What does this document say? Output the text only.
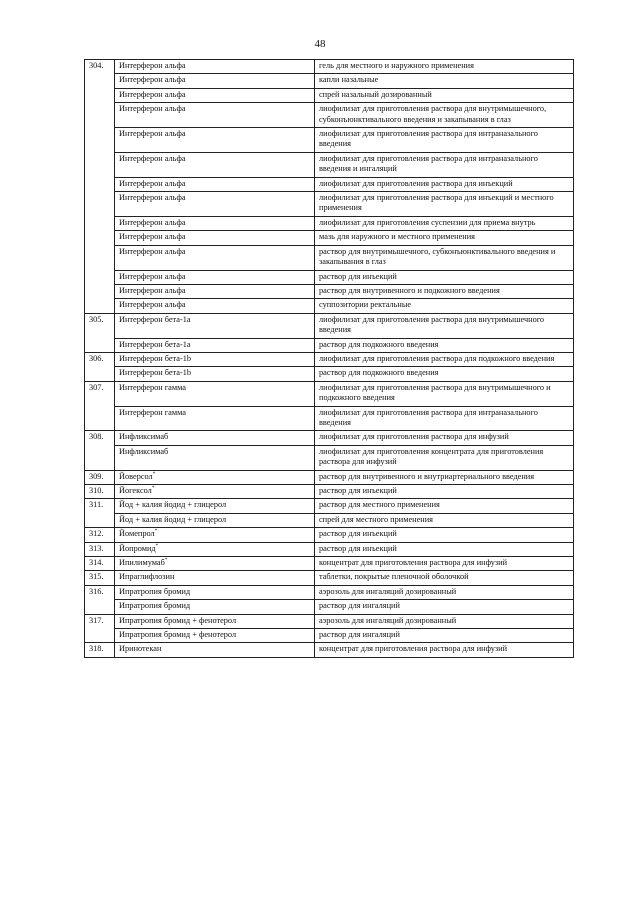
48
304.	Интерферон альфа	гель для местного и наружного применения
	Интерферон альфа	капли назальные
	Интерферон альфа	спрей назальный дозированный
	Интерферон альфа	лиофилизат для приготовления раствора для внутримышечного, субконъюнктивального введения и закапывания в глаз
	Интерферон альфа	лиофилизат для приготовления раствора для интраназального введения
	Интерферон альфа	лиофилизат для приготовления раствора для интраназального введения и ингаляций
	Интерферон альфа	лиофилизат для приготовления раствора для инъекций
	Интерферон альфа	лиофилизат для приготовления раствора для инъекций и местного применения
	Интерферон альфа	лиофилизат для приготовления суспензии для приема внутрь
	Интерферон альфа	мазь для наружного и местного применения
	Интерферон альфа	раствор для внутримышечного, субконъюнктивального введения и закапывания в глаз
	Интерферон альфа	раствор для инъекций
	Интерферон альфа	раствор для внутривенного и подкожного введения
	Интерферон альфа	суппозитории ректальные
305.	Интерферон бета-1а	лиофилизат для приготовления раствора для внутримышечного введения
	Интерферон бета-1а	раствор для подкожного введения
306.	Интерферон бета-1b	лиофилизат для приготовления раствора для подкожного введения
	Интерферон бета-1b	раствор для подкожного введения
307.	Интерферон гамма	лиофилизат для приготовления раствора для внутримышечного и подкожного введения
	Интерферон гамма	лиофилизат для приготовления раствора для интраназального введения
308.	Инфликсимаб	лиофилизат для приготовления раствора для инфузий
	Инфликсимаб	лиофилизат для приготовления концентрата для приготовления раствора для инфузий
309.	Йоверсол*	раствор для внутривенного и внутриартериального введения
310.	Йогексол*	раствор для инъекций
311.	Йод + калия йодид + глицерол	раствор для местного применения
	Йод + калия йодид + глицерол	спрей для местного применения
312.	Йомепрол*	раствор для инъекций
313.	Йопромид*	раствор для инъекций
314.	Ипилимумаб*	концентрат для приготовления раствора для инфузий
315.	Ипраглифлозин	таблетки, покрытые пленочной оболочкой
316.	Ипратропия бромид	аэрозоль для ингаляций дозированный
	Ипратропия бромид	раствор для ингаляций
317.	Ипратропия бромид + фенотерол	аэрозоль для ингаляций дозированный
	Ипратропия бромид + фенотерол	раствор для ингаляций
318.	Иринотекан	концентрат для приготовления раствора для инфузий
